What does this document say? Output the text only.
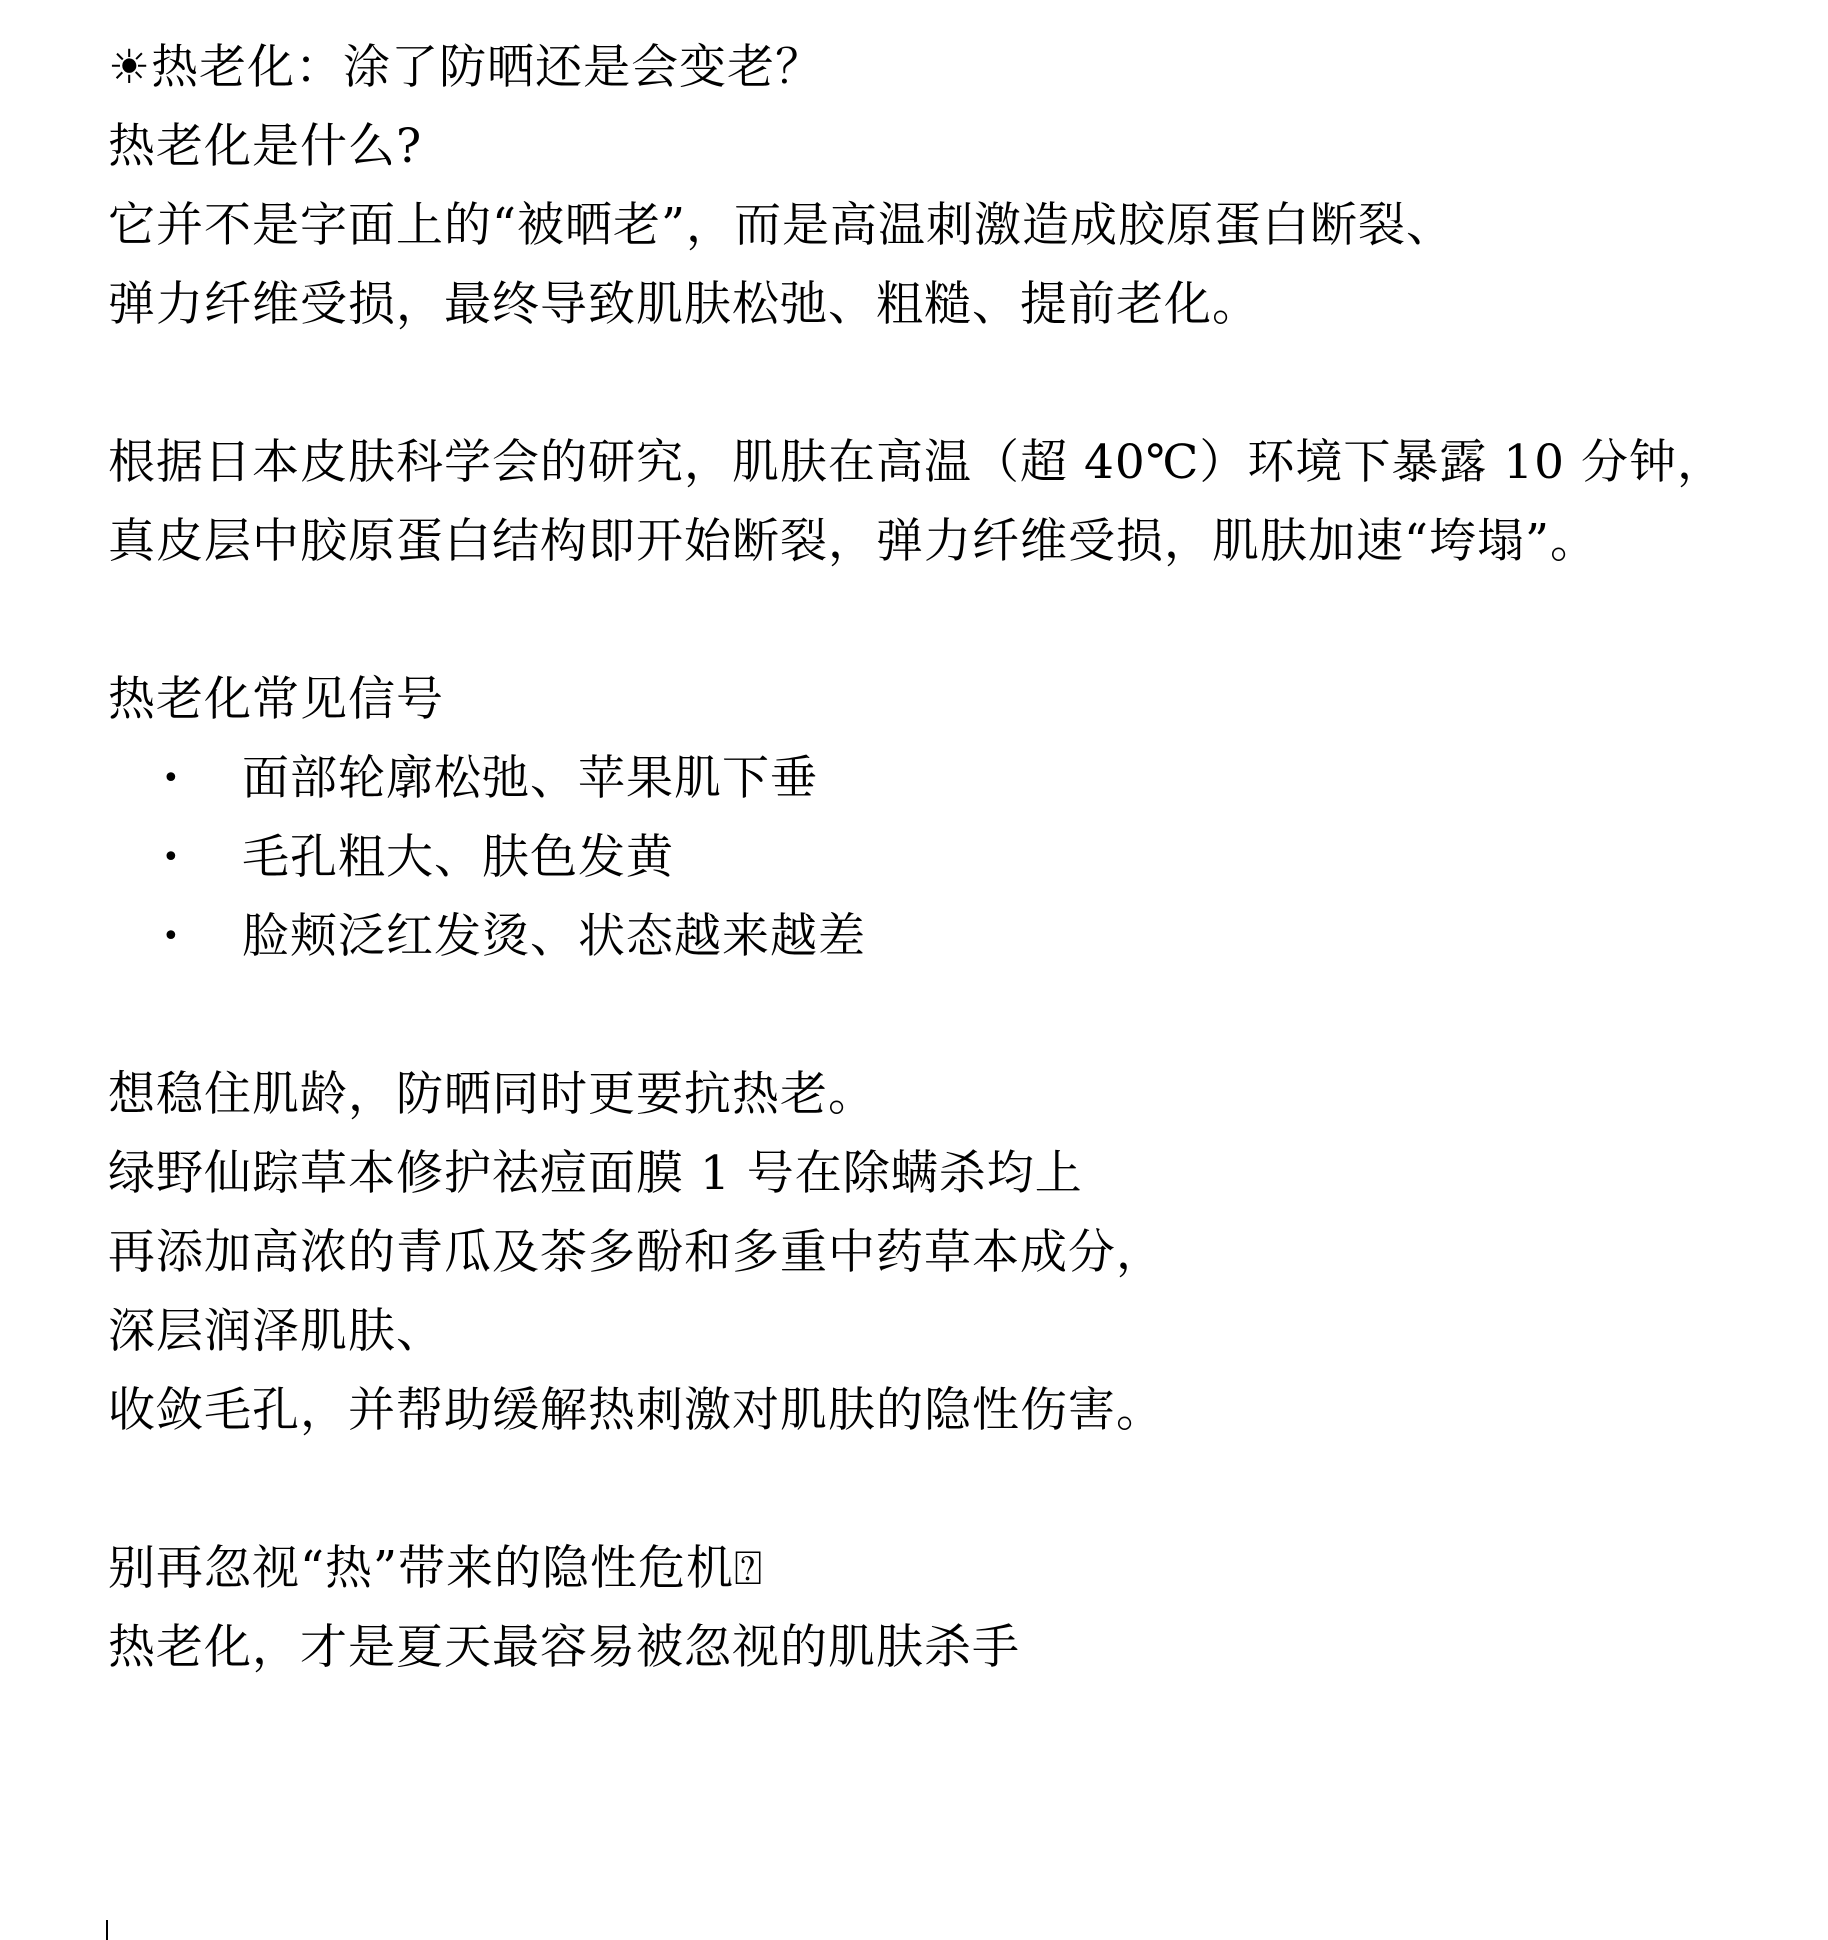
☀热老化：涂了防晒还是会变老？
热老化是什么?
它并不是字面上的“被晒老”，而是高温刺激造成胶原蛋白断裂、
弹力纤维受损，最终导致肌肤松弛、粗糙、提前老化。
根据日本皮肤科学会的研究，肌肤在高温（超 40℃）环境下暴露 10 分钟，
真皮层中胶原蛋白结构即开始断裂，弹力纤维受损，肌肤加速“垮塌”。
热老化常见信号
•	面部轮廓松弛、苹果肌下垂
•	毛孔粗大、肤色发黄
•	脸颊泛红发烫、状态越来越差
想稳住肌龄，防晒同时更要抗热老。
绿野仙踪草本修护祛痘面膜 1 号在除螨杀均上
再添加高浓的青瓜及茶多酚和多重中药草本成分，
深层润泽肌肤、
收敛毛孔，并帮助缓解热刺激对肌肤的隐性伤害。
别再忽视“热”带来的隐性危机⍰
热老化，才是夏天最容易被忽视的肌肤杀手
